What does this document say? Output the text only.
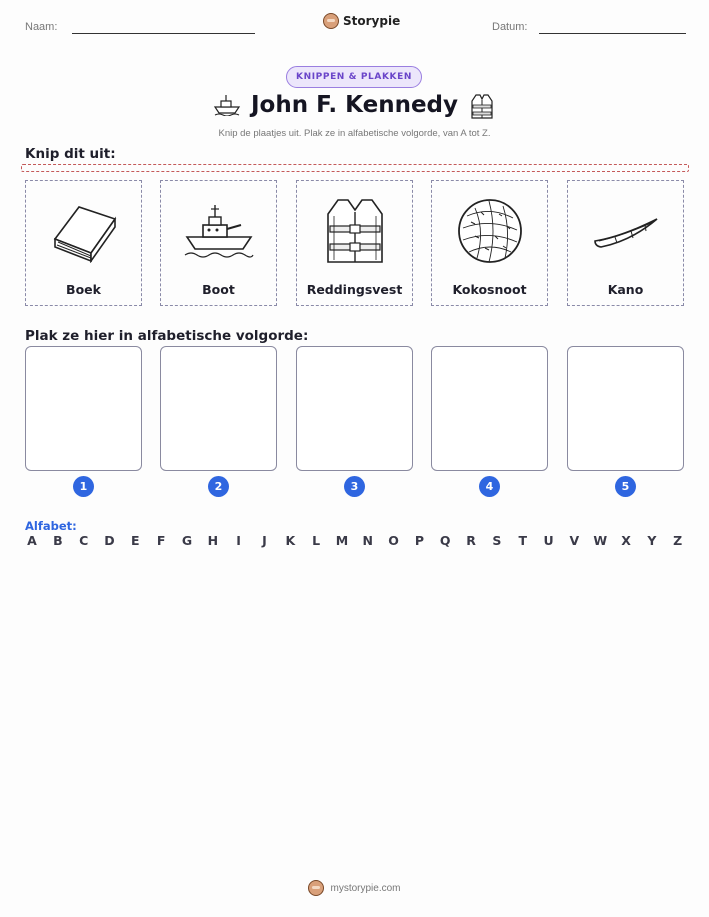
Naam:	Storypie	Datum:
KNIPPEN & PLAKKEN
John F. Kennedy
Knip de plaatjes uit. Plak ze in alfabetische volgorde, van A tot Z.
Knip dit uit:
Boek	Boot	Reddingsvest	Kokosnoot	Kano
Plak ze hier in alfabetische volgorde:
1	2	3	4	5
Alfabet:
A B C D E F G H	I	J	K L M N O P Q R S T U V W X Y Z
mystorypie.com
